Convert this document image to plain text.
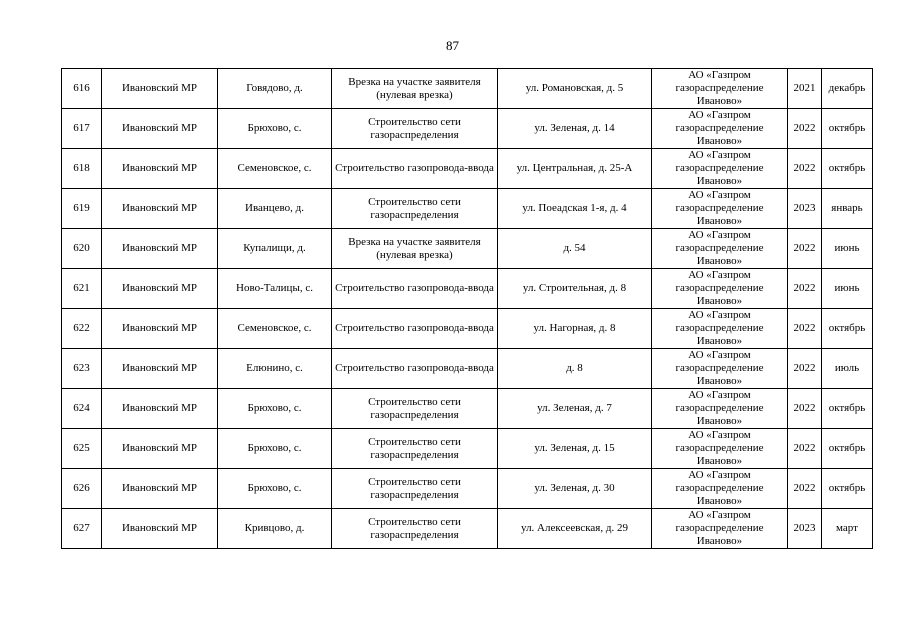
87
616	Ивановский МР	Говядово, д.	Врезка на участке заявителя (нулевая врезка)	ул. Романовская, д. 5	АО «Газпром газораспределение Иваново»	2021	декабрь
617	Ивановский МР	Брюхово, с.	Строительство сети газораспределения	ул. Зеленая, д. 14	АО «Газпром газораспределение Иваново»	2022	октябрь
618	Ивановский МР	Семеновское, с.	Строительство газопровода-ввода	ул. Центральная, д. 25-А	АО «Газпром газораспределение Иваново»	2022	октябрь
619	Ивановский МР	Иванцево, д.	Строительство сети газораспределения	ул. Поеадская 1-я, д. 4	АО «Газпром газораспределение Иваново»	2023	январь
620	Ивановский МР	Купалищи, д.	Врезка на участке заявителя (нулевая врезка)	д. 54	АО «Газпром газораспределение Иваново»	2022	июнь
621	Ивановский МР	Ново-Талицы, с.	Строительство газопровода-ввода	ул. Строительная, д. 8	АО «Газпром газораспределение Иваново»	2022	июнь
622	Ивановский МР	Семеновское, с.	Строительство газопровода-ввода	ул. Нагорная, д. 8	АО «Газпром газораспределение Иваново»	2022	октябрь
623	Ивановский МР	Елюнино, с.	Строительство газопровода-ввода	д. 8	АО «Газпром газораспределение Иваново»	2022	июль
624	Ивановский МР	Брюхово, с.	Строительство сети газораспределения	ул. Зеленая, д. 7	АО «Газпром газораспределение Иваново»	2022	октябрь
625	Ивановский МР	Брюхово, с.	Строительство сети газораспределения	ул. Зеленая, д. 15	АО «Газпром газораспределение Иваново»	2022	октябрь
626	Ивановский МР	Брюхово, с.	Строительство сети газораспределения	ул. Зеленая, д. 30	АО «Газпром газораспределение Иваново»	2022	октябрь
627	Ивановский МР	Кривцово, д.	Строительство сети газораспределения	ул. Алексеевская, д. 29	АО «Газпром газораспределение Иваново»	2023	март
